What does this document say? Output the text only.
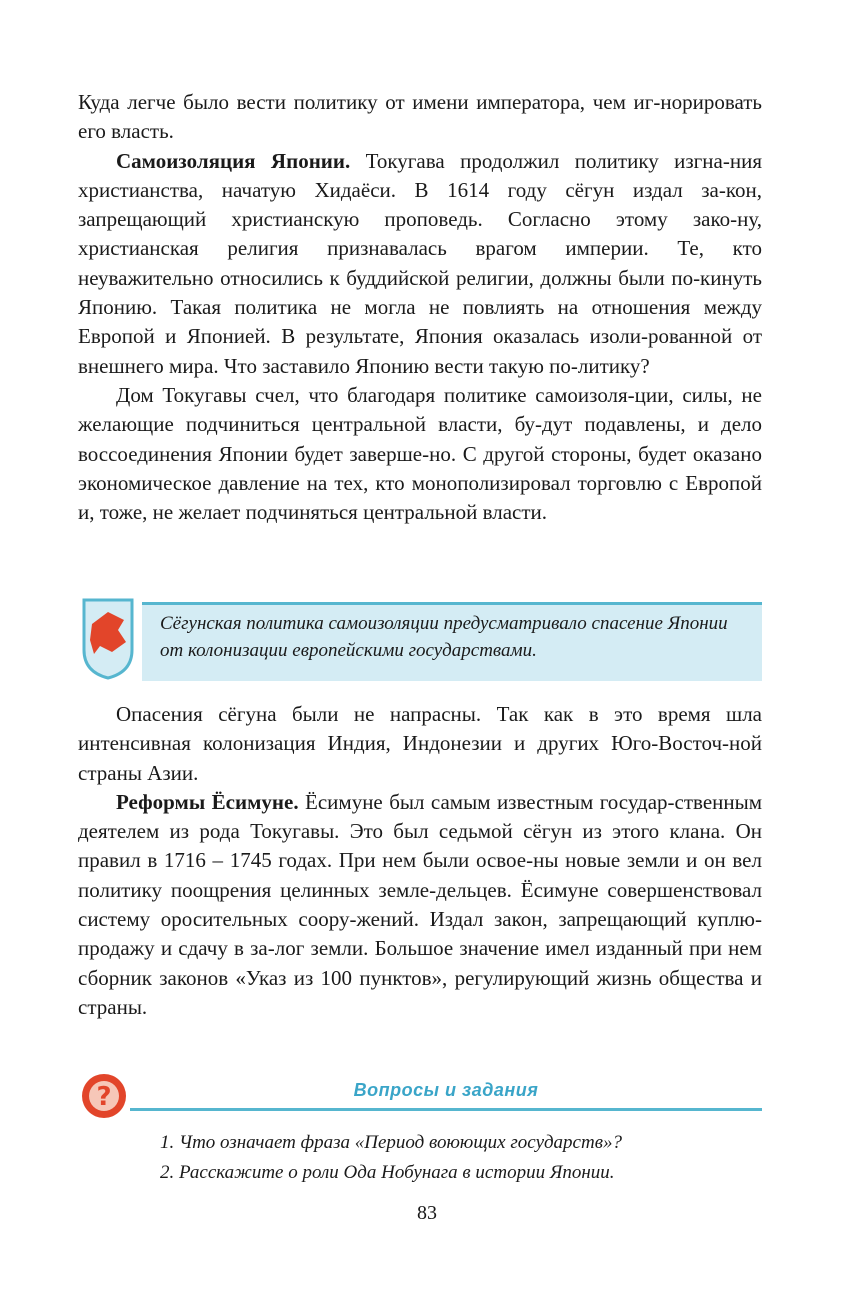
Куда легче было вести политику от имени императора, чем иг-норировать его власть.

Самоизоляция Японии. Токугава продолжил политику изгна-ния христианства, начатую Хидаёси. В 1614 году сёгун издал за-кон, запрещающий христианскую проповедь. Согласно этому зако-ну, христианская религия признавалась врагом империи. Те, кто неуважительно относились к буддийской религии, должны были по-кинуть Японию. Такая политика не могла не повлиять на отношения между Европой и Японией. В результате, Япония оказалась изоли-рованной от внешнего мира. Что заставило Японию вести такую по-литику?

Дом Токугавы счел, что благодаря политике самоизоля-ции, силы, не желающие подчиниться центральной власти, бу-дут подавлены, и дело воссоединения Японии будет заверше-но. С другой стороны, будет оказано экономическое давление на тех, кто монополизировал торговлю с Европой и, тоже, не желает подчиняться центральной власти.

Сёгунская политика самоизоляции предусматривало спасение Японии от колонизации европейскими государствами.

Опасения сёгуна были не напрасны. Так как в это время шла интенсивная колонизация Индия, Индонезии и других Юго-Восточ-ной страны Азии.

Реформы Ёсимуне. Ёсимуне был самым известным государ-ственным деятелем из рода Токугавы. Это был седьмой сёгун из этого клана. Он правил в 1716 – 1745 годах. При нем были освое-ны новые земли и он вел политику поощрения целинных земле-дельцев. Ёсимуне совершенствовал систему оросительных соору-жений. Издал закон, запрещающий куплю-продажу и сдачу в за-лог земли. Большое значение имел изданный при нем сборник законов «Указ из 100 пунктов», регулирующий жизнь общества и страны.

?	Вопросы и задания
1. Что означает фраза «Период воюющих государств»?
2. Расскажите о роли Ода Нобунага в истории Японии.
83
